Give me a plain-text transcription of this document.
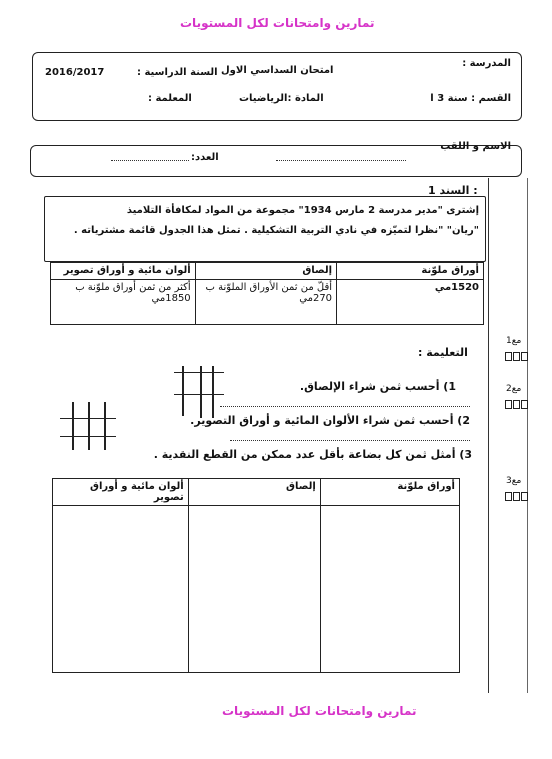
تمارين وامتحانات لكل المستويات
المدرسة :
القسم : سنة 3 ا
امتحان السداسي الاول
المادة :الرياضيات
السنة الدراسية :
2016/2017
المعلمة :
الاسم و اللقب
العدد:
السند 1 :
إشترى "مدير مدرسة 2 مارس 1934" مجموعة من المواد لمكافأة التلاميذ
"ريان" "نظرا لتميّزه في نادي التربية التشكيلية . تمثل هذا الجدول قائمة مشترياته .
ألوان مائية و أوراق تصوير	إلصاق	أوراق ملوّنة
أكثر من ثمن أوراق ملوّنة ب 1850مي	أقلّ من ثمن الأوراق الملوّنة ب 270مي	1520مي
التعليمة :
1) أحسب ثمن شراء الإلصاق.
2) أحسب ثمن شراء الألوان المائية و أوراق التصوير.
3) أمثل ثمن كل بضاعة بأقل عدد ممكن من القطع النقدية .
ألوان مائية و أوراق تصوير	إلصاق	أوراق ملوّنة

مع1
مع2
مع3
تمارين وامتحانات لكل المستويات
